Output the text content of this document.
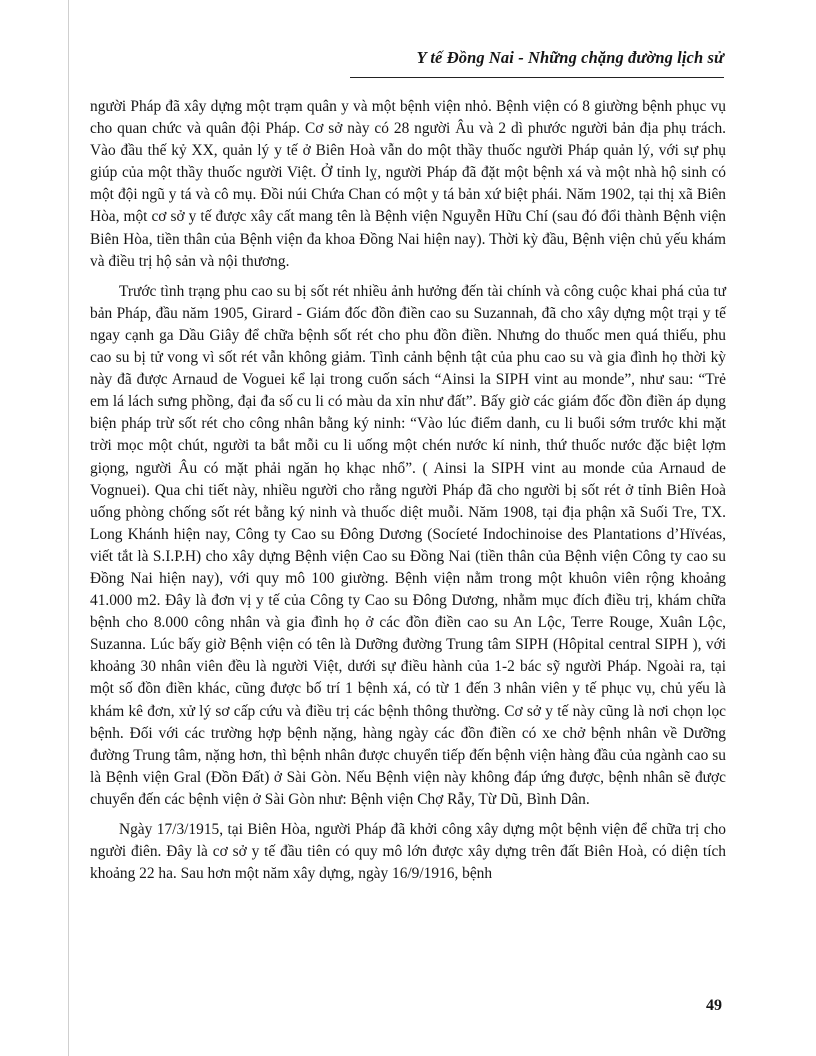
Y tế Đồng Nai - Những chặng đường lịch sử

người Pháp đã xây dựng một trạm quân y và một bệnh viện nhỏ. Bệnh viện có 8 giường bệnh phục vụ cho quan chức và quân đội Pháp. Cơ sở này có 28 người Âu và 2 dì phước người bản địa phụ trách. Vào đầu thế kỷ XX, quản lý y tế ở Biên Hoà vẫn do một thầy thuốc người Pháp quản lý, với sự phụ giúp của một thầy thuốc người Việt. Ở tỉnh lỵ, người Pháp đã đặt một bệnh xá và một nhà hộ sinh có một đội ngũ y tá và cô mụ. Đồi núi Chứa Chan có một y tá bản xứ biệt phái. Năm 1902, tại thị xã Biên Hòa, một cơ sở y tế được xây cất mang tên là Bệnh viện Nguyễn Hữu Chí (sau đó đổi thành Bệnh viện Biên Hòa, tiền thân của Bệnh viện đa khoa Đồng Nai hiện nay). Thời kỳ đầu, Bệnh viện chủ yếu khám và điều trị hộ sản và nội thương.

Trước tình trạng phu cao su bị sốt rét nhiều ảnh hưởng đến tài chính và công cuộc khai phá của tư bản Pháp, đầu năm 1905, Girard - Giám đốc đồn điền cao su Suzannah, đã cho xây dựng một trại y tế ngay cạnh ga Dầu Giây để chữa bệnh sốt rét cho phu đồn điền. Nhưng do thuốc men quá thiếu, phu cao su bị tử vong vì sốt rét vẫn không giảm. Tình cảnh bệnh tật của phu cao su và gia đình họ thời kỳ này đã được Arnaud de Voguei kể lại trong cuốn sách “Ainsi la SIPH vint au monde”, như sau: “Trẻ em lá lách sưng phồng, đại đa số cu li có màu da xỉn như đất”. Bấy giờ các giám đốc đồn điền áp dụng biện pháp trừ sốt rét cho công nhân bằng ký ninh: “Vào lúc điểm danh, cu li buổi sớm trước khi mặt trời mọc một chút, người ta bắt mỗi cu li uống một chén nước kí ninh, thứ thuốc nước đặc biệt lợm giọng, người Âu có mặt phải ngăn họ khạc nhổ”. ( Ainsi la SIPH vint au monde của Arnaud de Vognuei). Qua chi tiết này, nhiều người cho rằng người Pháp đã cho người bị sốt rét ở tỉnh Biên Hoà uống phòng chống sốt rét bằng ký ninh và thuốc diệt muỗi. Năm 1908, tại địa phận xã Suối Tre, TX. Long Khánh hiện nay, Công ty Cao su Đông Dương (Socíeté Indochinoise des Plantations d’Hïvéas, viết tắt là S.I.P.H) cho xây dựng Bệnh viện Cao su Đồng Nai (tiền thân của Bệnh viện Công ty cao su Đồng Nai hiện nay), với quy mô 100 giường. Bệnh viện nằm trong một khuôn viên rộng khoảng 41.000 m2. Đây là đơn vị y tế của Công ty Cao su Đông Dương, nhằm mục đích điều trị, khám chữa bệnh cho 8.000 công nhân và gia đình họ ở các đồn điền cao su An Lộc, Terre Rouge, Xuân Lộc, Suzanna. Lúc bấy giờ Bệnh viện có tên là Dưỡng đường Trung tâm SIPH (Hôpital central SIPH ), với khoảng 30 nhân viên đều là người Việt, dưới sự điều hành của 1-2 bác sỹ người Pháp. Ngoài ra, tại một số đồn điền khác, cũng được bố trí 1 bệnh xá, có từ 1 đến 3 nhân viên y tế phục vụ, chủ yếu là khám kê đơn, xử lý sơ cấp cứu và điều trị các bệnh thông thường. Cơ sở y tế này cũng là nơi chọn lọc bệnh. Đối với các trường hợp bệnh nặng, hàng ngày các đồn điền có xe chở bệnh nhân về Dưỡng đường Trung tâm, nặng hơn, thì bệnh nhân được chuyển tiếp đến bệnh viện hàng đầu của ngành cao su là Bệnh viện Gral (Đồn Đất) ở Sài Gòn. Nếu Bệnh viện này không đáp ứng được, bệnh nhân sẽ được chuyển đến các bệnh viện ở Sài Gòn như: Bệnh viện Chợ Rẫy, Từ Dũ, Bình Dân.

Ngày 17/3/1915, tại Biên Hòa, người Pháp đã khởi công xây dựng một bệnh viện để chữa trị cho người điên. Đây là cơ sở y tế đầu tiên có quy mô lớn được xây dựng trên đất Biên Hoà, có diện tích khoảng 22 ha. Sau hơn một năm xây dựng, ngày 16/9/1916, bệnh

49
